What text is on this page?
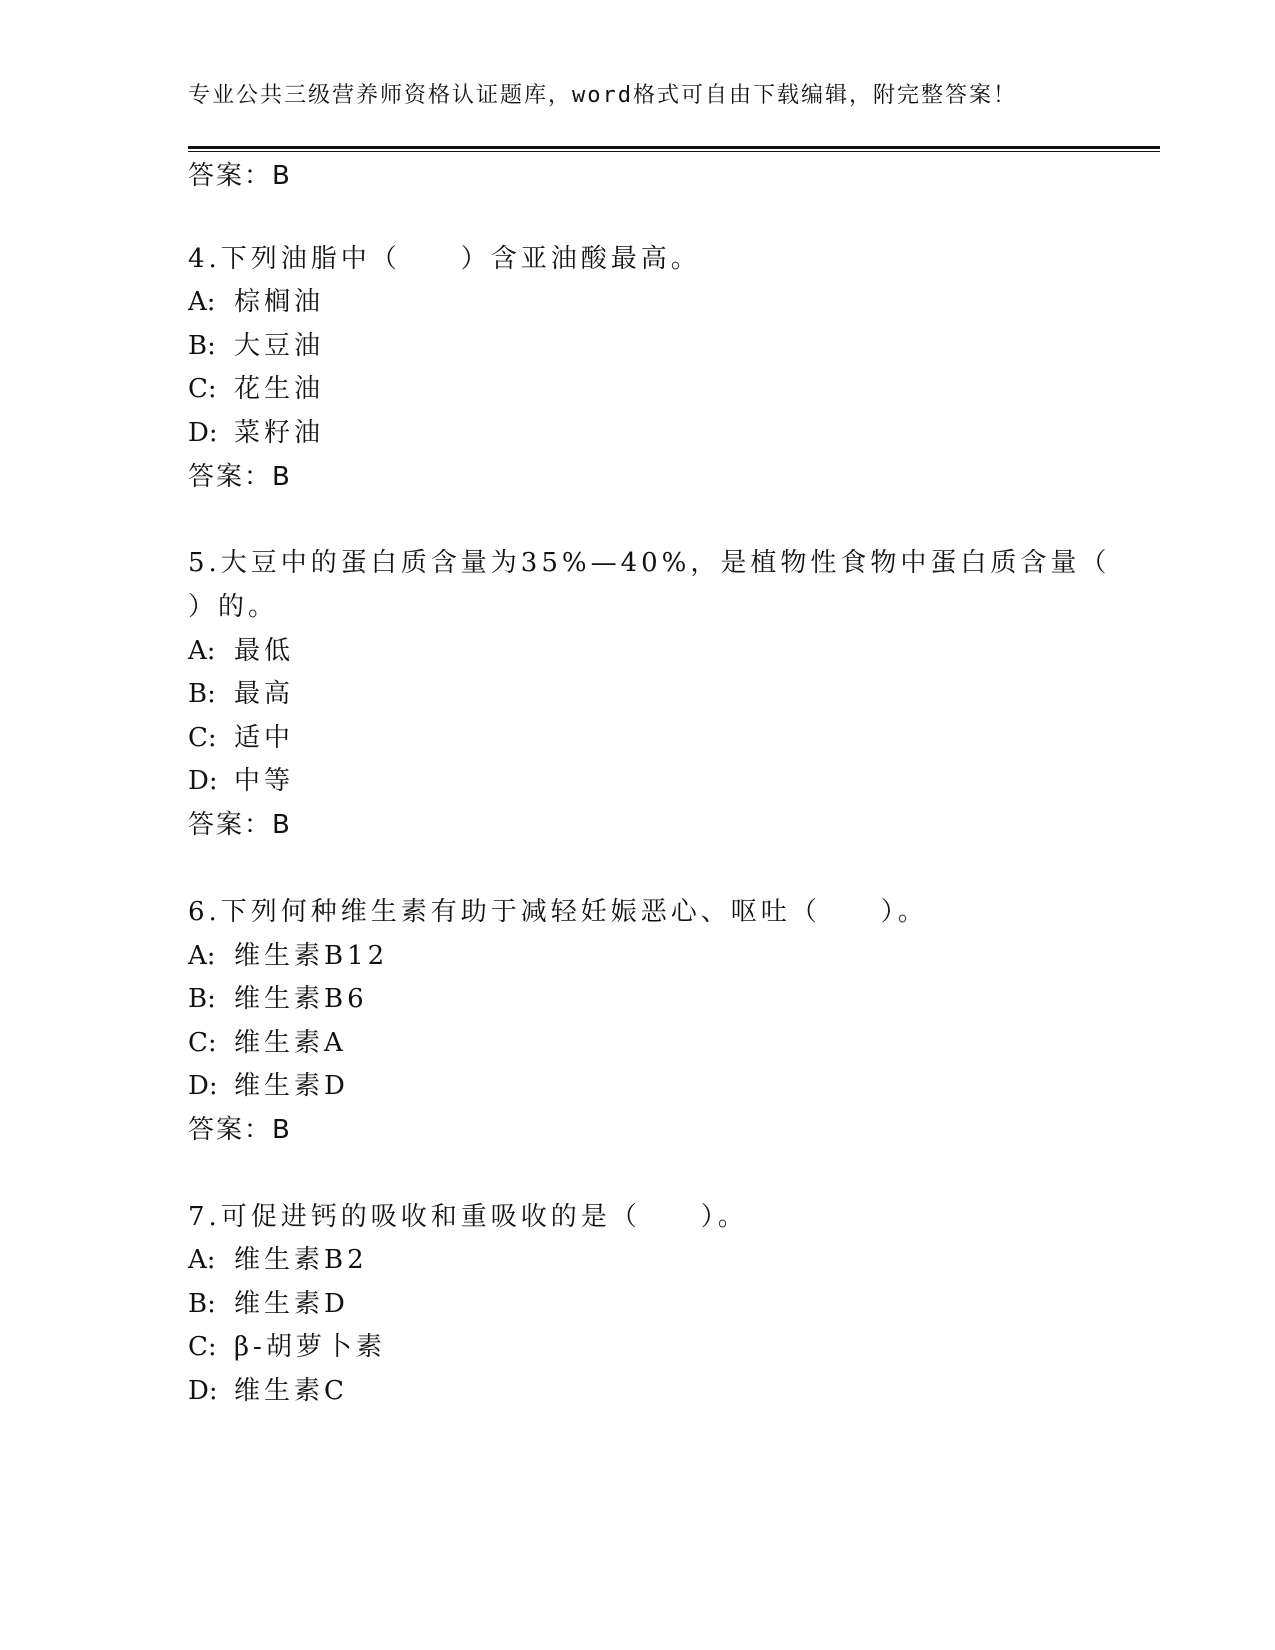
专业公共三级营养师资格认证题库，word格式可自由下载编辑，附完整答案！
答案：B
4.下列油脂中（　　）含亚油酸最高。
A: 棕榈油
B: 大豆油
C: 花生油
D: 菜籽油
答案：B
5.大豆中的蛋白质含量为35%—40%，是植物性食物中蛋白质含量（
）的。
A: 最低
B: 最高
C: 适中
D: 中等
答案：B
6.下列何种维生素有助于减轻妊娠恶心、呕吐（　　）。
A: 维生素B12
B: 维生素B6
C: 维生素A
D: 维生素D
答案：B
7.可促进钙的吸收和重吸收的是（　　）。
A: 维生素B2
B: 维生素D
C: β-胡萝卜素
D: 维生素C
